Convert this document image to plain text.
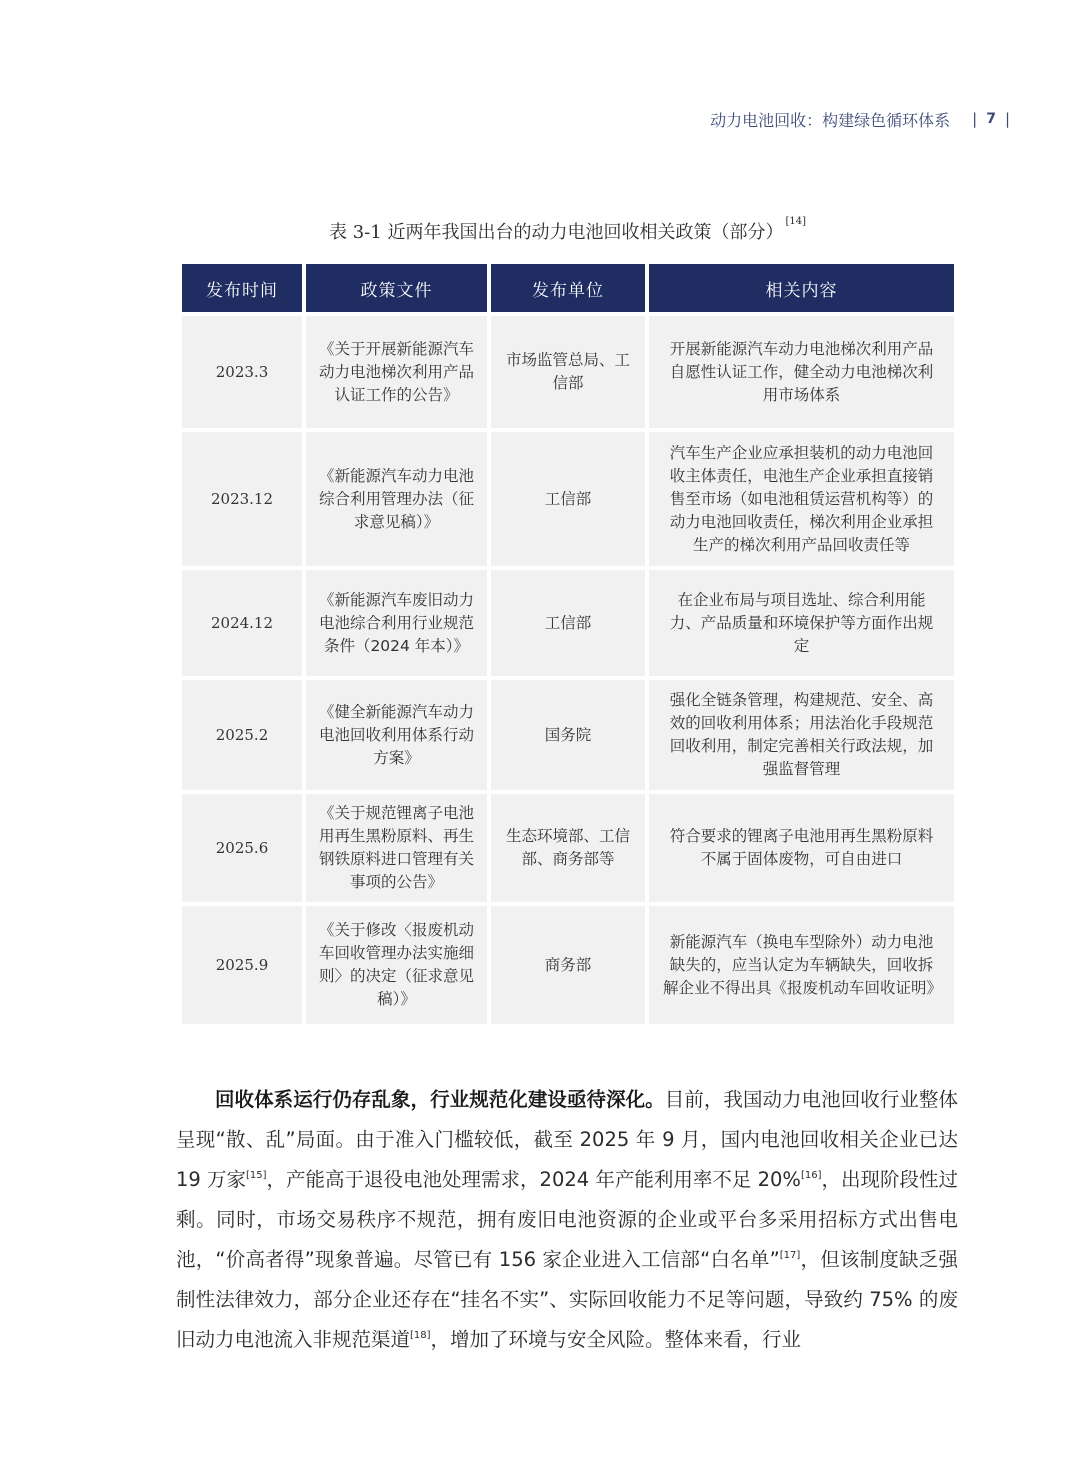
动力电池回收：构建绿色循环体系 | 7 |
表 3-1 近两年我国出台的动力电池回收相关政策（部分）[14]
发布时间	政策文件	发布单位	相关内容
2023.3	《关于开展新能源汽车动力电池梯次利用产品认证工作的公告》	市场监管总局、工信部	开展新能源汽车动力电池梯次利用产品自愿性认证工作，健全动力电池梯次利用市场体系
2023.12	《新能源汽车动力电池综合利用管理办法（征求意见稿）》	工信部	汽车生产企业应承担装机的动力电池回收主体责任，电池生产企业承担直接销售至市场（如电池租赁运营机构等）的动力电池回收责任，梯次利用企业承担生产的梯次利用产品回收责任等
2024.12	《新能源汽车废旧动力电池综合利用行业规范条件（2024 年本）》	工信部	在企业布局与项目选址、综合利用能力、产品质量和环境保护等方面作出规定
2025.2	《健全新能源汽车动力电池回收利用体系行动方案》	国务院	强化全链条管理，构建规范、安全、高效的回收利用体系；用法治化手段规范回收利用，制定完善相关行政法规，加强监督管理
2025.6	《关于规范锂离子电池用再生黑粉原料、再生钢铁原料进口管理有关事项的公告》	生态环境部、工信部、商务部等	符合要求的锂离子电池用再生黑粉原料不属于固体废物，可自由进口
2025.9	《关于修改〈报废机动车回收管理办法实施细则〉的决定（征求意见稿）》	商务部	新能源汽车（换电车型除外）动力电池缺失的，应当认定为车辆缺失，回收拆解企业不得出具《报废机动车回收证明》

回收体系运行仍存乱象，行业规范化建设亟待深化。目前，我国动力电池回收行业整体呈现“散、乱”局面。由于准入门槛较低，截至 2025 年 9 月，国内电池回收相关企业已达 19 万家[15]，产能高于退役电池处理需求，2024 年产能利用率不足 20%[16]，出现阶段性过剩。同时，市场交易秩序不规范，拥有废旧电池资源的企业或平台多采用招标方式出售电池，“价高者得”现象普遍。尽管已有 156 家企业进入工信部“白名单”[17]，但该制度缺乏强制性法律效力，部分企业还存在“挂名不实”、实际回收能力不足等问题，导致约 75% 的废旧动力电池流入非规范渠道[18]，增加了环境与安全风险。整体来看，行业
